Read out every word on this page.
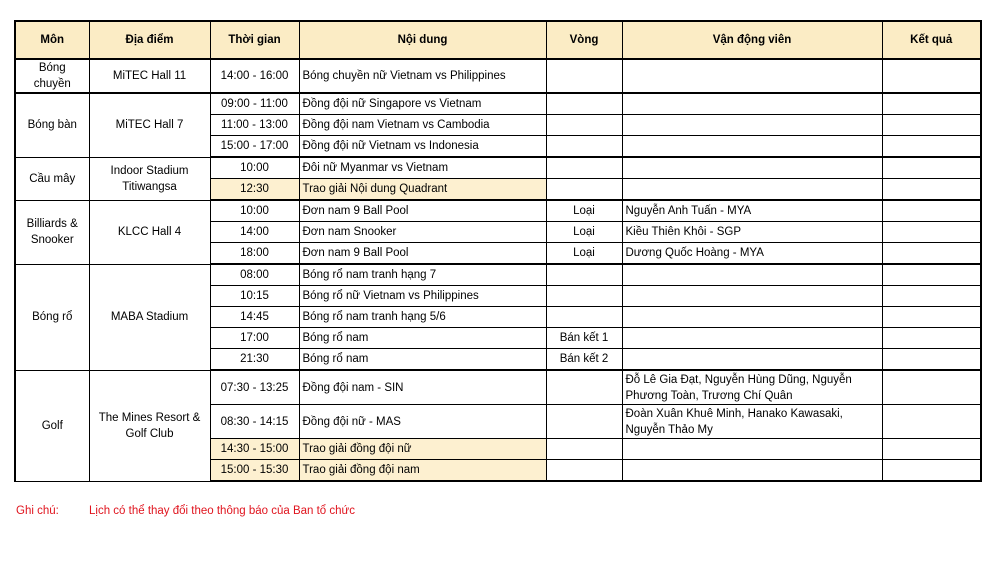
Môn	Địa điểm	Thời gian	Nội dung	Vòng	Vận động viên	Kết quả
Bóng chuyền	MiTEC Hall 11	14:00 - 16:00	Bóng chuyền nữ Vietnam vs Philippines			
Bóng bàn	MiTEC Hall 7	09:00 - 11:00	Đồng đội nữ Singapore vs Vietnam			
		11:00 - 13:00	Đồng đội nam Vietnam vs Cambodia			
		15:00 - 17:00	Đồng đội nữ Vietnam vs Indonesia			
Cầu mây	Indoor Stadium Titiwangsa	10:00	Đôi nữ Myanmar vs Vietnam			
		12:30	Trao giải Nội dung Quadrant			
Billiards & Snooker	KLCC Hall 4	10:00	Đơn nam 9 Ball Pool	Loại	Nguyễn Anh Tuấn - MYA	
		14:00	Đơn nam Snooker	Loại	Kiều Thiên Khôi - SGP	
		18:00	Đơn nam 9 Ball Pool	Loại	Dương Quốc Hoàng - MYA	
Bóng rổ	MABA Stadium	08:00	Bóng rổ nam tranh hạng 7			
		10:15	Bóng rổ nữ Vietnam vs Philippines			
		14:45	Bóng rổ nam tranh hạng 5/6			
		17:00	Bóng rổ nam	Bán kết 1		
		21:30	Bóng rổ nam	Bán kết 2		
Golf	The Mines Resort & Golf Club	07:30 - 13:25	Đồng đội nam - SIN		Đỗ Lê Gia Đạt, Nguyễn Hùng Dũng, Nguyễn Phương Toàn, Trương Chí Quân	
		08:30 - 14:15	Đồng đội nữ - MAS		Đoàn Xuân Khuê Minh, Hanako Kawasaki, Nguyễn Thảo My	
		14:30 - 15:00	Trao giải đồng đội nữ			
		15:00 - 15:30	Trao giải đồng đội nam			
Ghi chú:	Lịch có thể thay đổi theo thông báo của Ban tổ chức
